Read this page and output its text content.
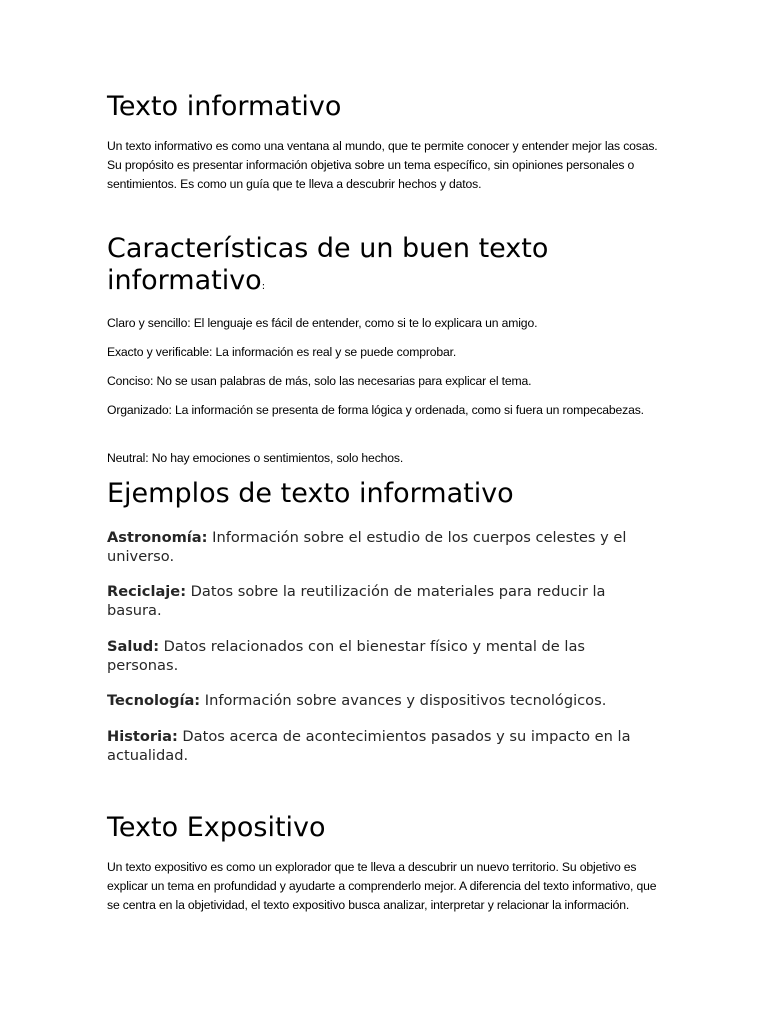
Texto informativo

Un texto informativo es como una ventana al mundo, que te permite conocer y entender mejor las cosas. Su propósito es presentar información objetiva sobre un tema específico, sin opiniones personales o sentimientos. Es como un guía que te lleva a descubrir hechos y datos.

Características de un buen texto informativo:

Claro y sencillo: El lenguaje es fácil de entender, como si te lo explicara un amigo.

Exacto y verificable: La información es real y se puede comprobar.

Conciso: No se usan palabras de más, solo las necesarias para explicar el tema.

Organizado: La información se presenta de forma lógica y ordenada, como si fuera un rompecabezas.

Neutral: No hay emociones o sentimientos, solo hechos.

Ejemplos de texto informativo

Astronomía: Información sobre el estudio de los cuerpos celestes y el universo.

Reciclaje: Datos sobre la reutilización de materiales para reducir la basura.

Salud: Datos relacionados con el bienestar físico y mental de las personas.

Tecnología: Información sobre avances y dispositivos tecnológicos.

Historia: Datos acerca de acontecimientos pasados y su impacto en la actualidad.

Texto Expositivo

Un texto expositivo es como un explorador que te lleva a descubrir un nuevo territorio. Su objetivo es explicar un tema en profundidad y ayudarte a comprenderlo mejor. A diferencia del texto informativo, que se centra en la objetividad, el texto expositivo busca analizar, interpretar y relacionar la información.
